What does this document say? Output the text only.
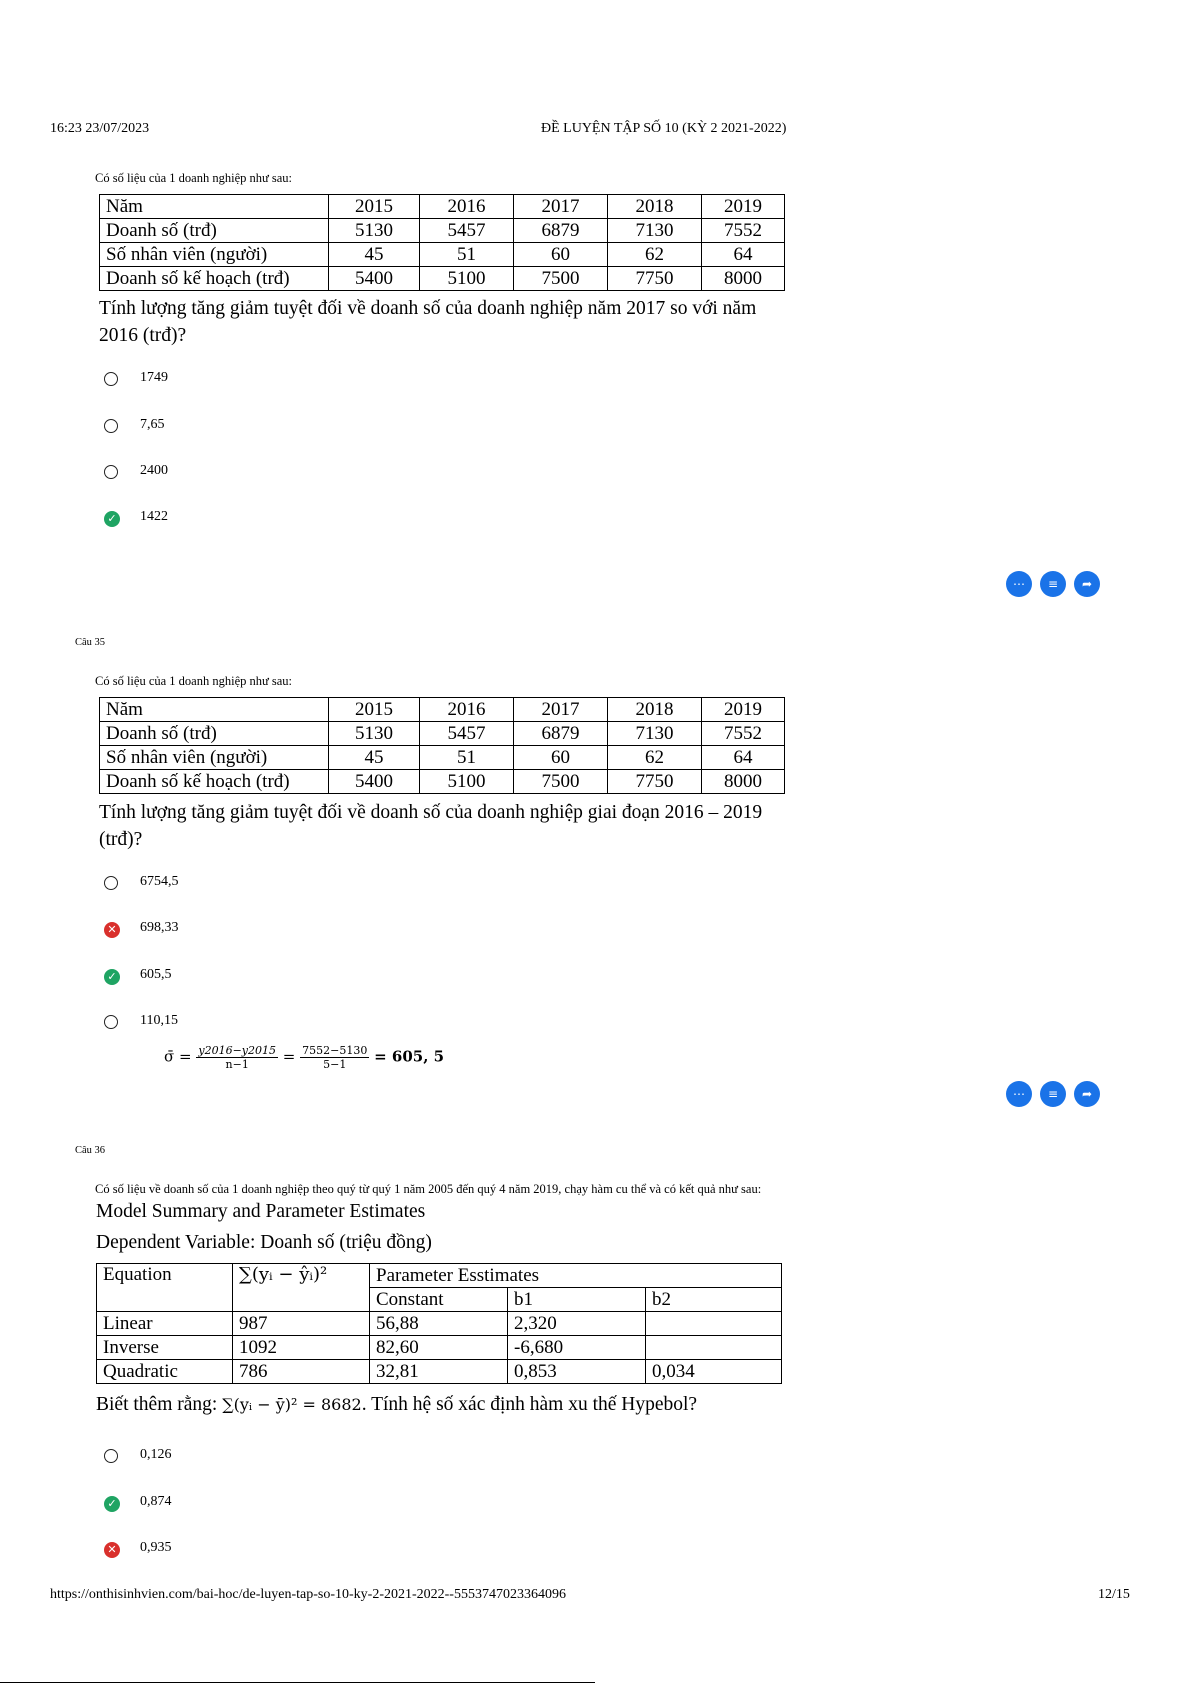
16:23 23/07/2023	ĐỀ LUYỆN TẬP SỐ 10 (KỲ 2 2021-2022)
Có số liệu của 1 doanh nghiệp như sau:
Năm	2015	2016	2017	2018	2019
Doanh số (trđ)	5130	5457	6879	7130	7552
Số nhân viên (người)	45	51	60	62	64
Doanh số kế hoạch (trđ)	5400	5100	7500	7750	8000
Tính lượng tăng giảm tuyệt đối về doanh số của doanh nghiệp năm 2017 so với năm 2016 (trđ)?
1749
7,65
2400
✓ 1422
⋯	≡	➦
Câu 35
Có số liệu của 1 doanh nghiệp như sau:
Năm	2015	2016	2017	2018	2019
Doanh số (trđ)	5130	5457	6879	7130	7552
Số nhân viên (người)	45	51	60	62	64
Doanh số kế hoạch (trđ)	5400	5100	7500	7750	8000
Tính lượng tăng giảm tuyệt đối về doanh số của doanh nghiệp giai đoạn 2016 – 2019 (trđ)?
6754,5
✕ 698,33
✓ 605,5
110,15
σ̄ = $\frac{y2016-y2015}{n-1} = \frac{7552-5130}{5-1} = 605$, 5
⋯	≡	➦
Câu 36
Có số liệu về doanh số của 1 doanh nghiệp theo quý từ quý 1 năm 2005 đến quý 4 năm 2019, chạy hàm cu thể và có kết quả như sau:
Model Summary and Parameter Estimates
Dependent Variable: Doanh số (triệu đồng)
Equation	∑(yᵢ − ŷᵢ)²	Parameter Esstimates		
		Constant	b1	b2
Linear	987	56,88	2,320	
Inverse	1092	82,60	-6,680	
Quadratic	786	32,81	0,853	0,034
Biết thêm rằng: ∑(yᵢ − ȳ)² = 8682. Tính hệ số xác định hàm xu thế Hypebol?
0,126
✓ 0,874
✕ 0,935
https://onthisinhvien.com/bai-hoc/de-luyen-tap-so-10-ky-2-2021-2022--5553747023364096	12/15
